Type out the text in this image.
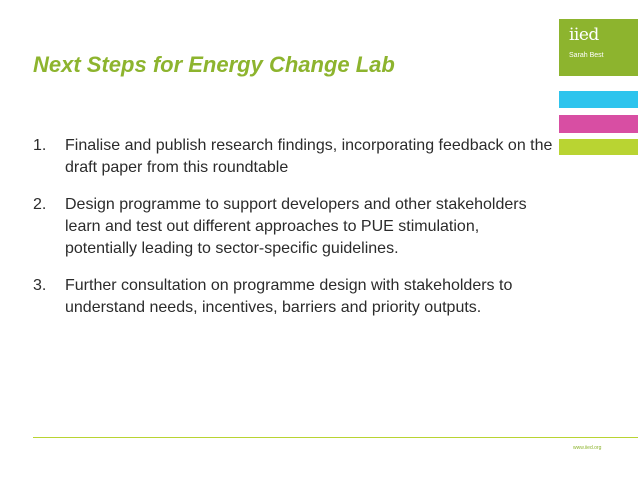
Next Steps for Energy Change Lab
iied
Sarah Best
1. Finalise and publish research findings, incorporating feedback on the draft paper from this roundtable
2. Design programme to support developers and other stakeholders learn and test out different approaches to PUE stimulation, potentially leading to sector-specific guidelines.
3. Further consultation on programme design with stakeholders to understand needs, incentives, barriers and priority outputs.
www.iied.org
